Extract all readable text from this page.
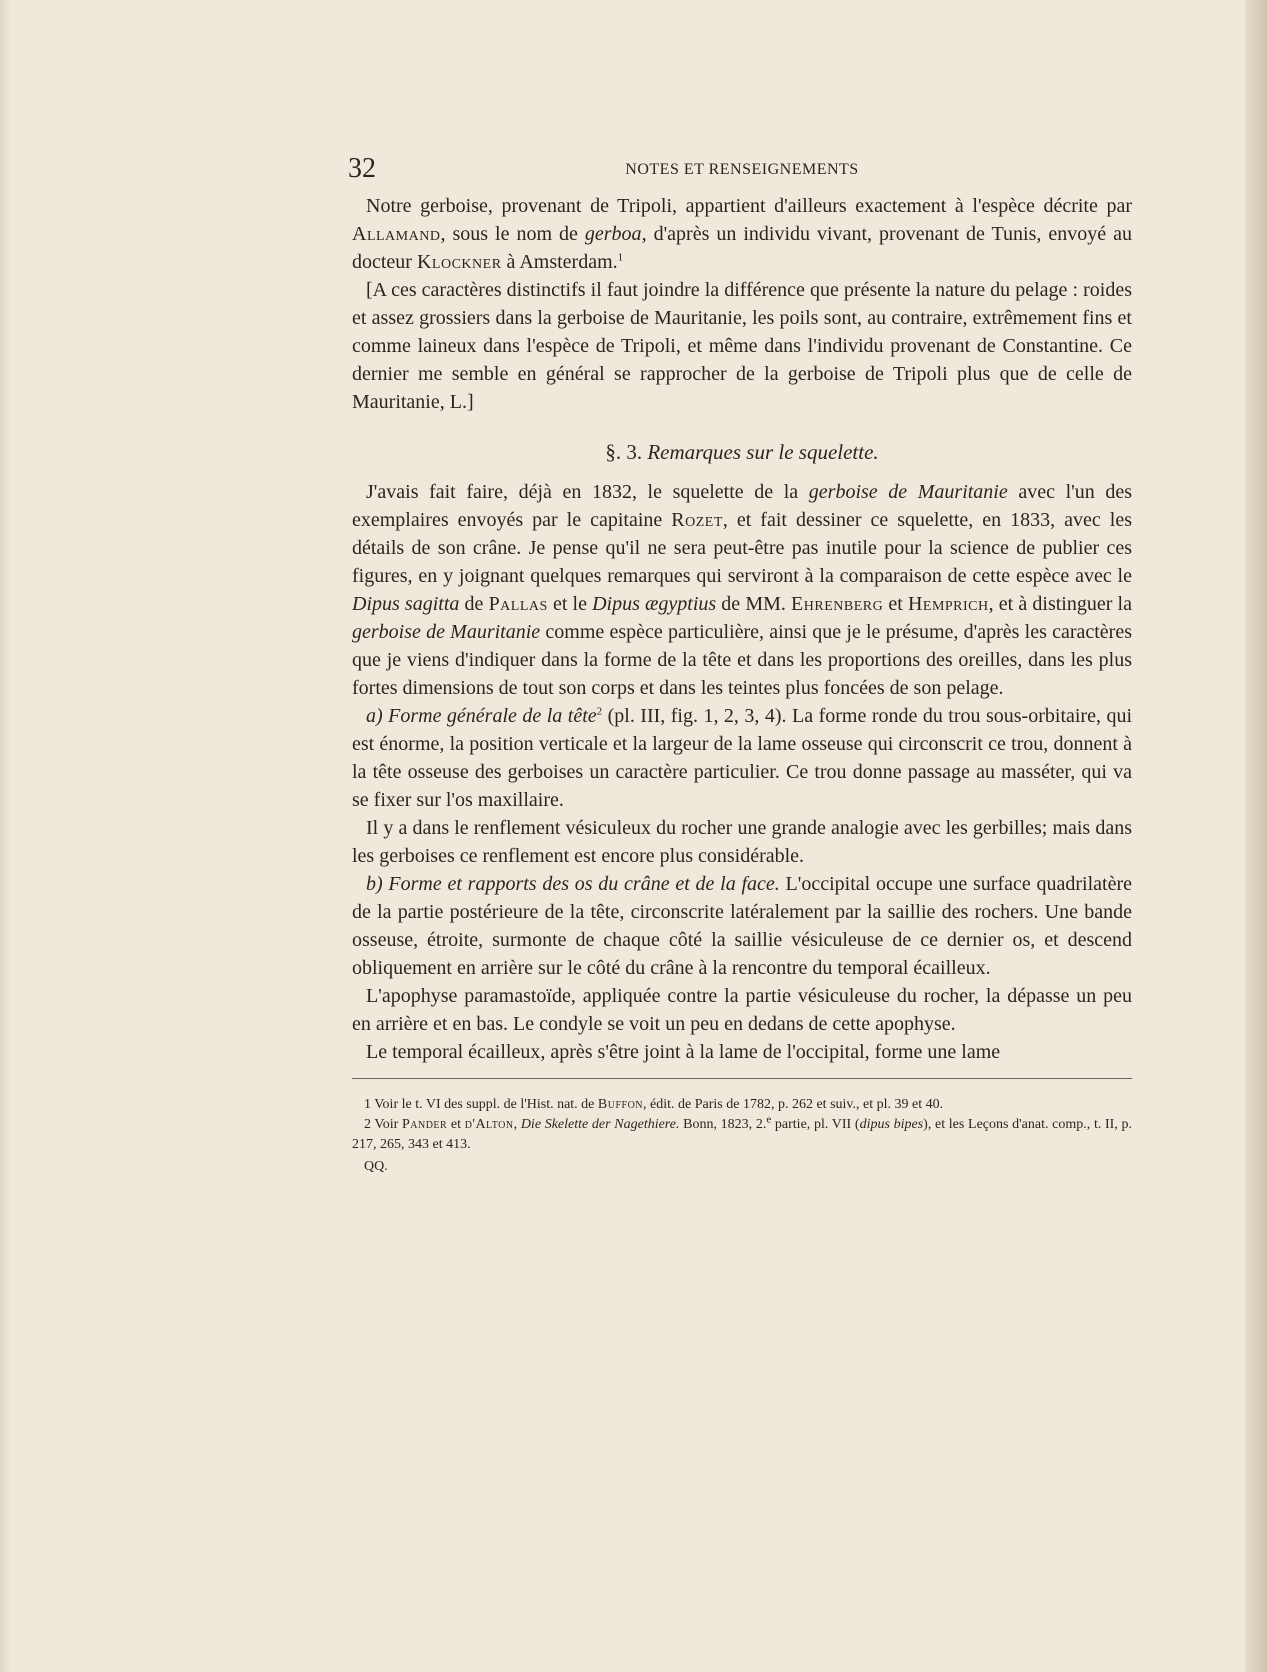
32	NOTES ET RENSEIGNEMENTS

Notre gerboise, provenant de Tripoli, appartient d'ailleurs exactement à l'espèce décrite par Allamand, sous le nom de gerboa, d'après un individu vivant, provenant de Tunis, envoyé au docteur Klockner à Amsterdam.$^1$

[A ces caractères distinctifs il faut joindre la différence que présente la nature du pelage : roides et assez grossiers dans la gerboise de Mauritanie, les poils sont, au contraire, extrêmement fins et comme laineux dans l'espèce de Tripoli, et même dans l'individu provenant de Constantine. Ce dernier me semble en général se rapprocher de la gerboise de Tripoli plus que de celle de Mauritanie, L.]

§. 3. Remarques sur le squelette.

J'avais fait faire, déjà en 1832, le squelette de la gerboise de Mauritanie avec l'un des exemplaires envoyés par le capitaine Rozet, et fait dessiner ce squelette, en 1833, avec les détails de son crâne. Je pense qu'il ne sera peut-être pas inutile pour la science de publier ces figures, en y joignant quelques remarques qui serviront à la comparaison de cette espèce avec le Dipus sagitta de Pallas et le Dipus ægyptius de MM. Ehrenberg et Hemprich, et à distinguer la gerboise de Mauritanie comme espèce particulière, ainsi que je le présume, d'après les caractères que je viens d'indiquer dans la forme de la tête et dans les proportions des oreilles, dans les plus fortes dimensions de tout son corps et dans les teintes plus foncées de son pelage.

a) Forme générale de la tête$^2$ (pl. III, fig. 1, 2, 3, 4). La forme ronde du trou sous-orbitaire, qui est énorme, la position verticale et la largeur de la lame osseuse qui circonscrit ce trou, donnent à la tête osseuse des gerboises un caractère particulier. Ce trou donne passage au masséter, qui va se fixer sur l'os maxillaire.

Il y a dans le renflement vésiculeux du rocher une grande analogie avec les gerbilles; mais dans les gerboises ce renflement est encore plus considérable.

b) Forme et rapports des os du crâne et de la face. L'occipital occupe une surface quadrilatère de la partie postérieure de la tête, circonscrite latéralement par la saillie des rochers. Une bande osseuse, étroite, surmonte de chaque côté la saillie vésiculeuse de ce dernier os, et descend obliquement en arrière sur le côté du crâne à la rencontre du temporal écailleux.

L'apophyse paramastoïde, appliquée contre la partie vésiculeuse du rocher, la dépasse un peu en arrière et en bas. Le condyle se voit un peu en dedans de cette apophyse.

Le temporal écailleux, après s'être joint à la lame de l'occipital, forme une lame

1 Voir le t. VI des suppl. de l'Hist. nat. de Buffon, édit. de Paris de 1782, p. 262 et suiv., et pl. 39 et 40.

2 Voir Pander et d'Alton, Die Skelette der Nagethiere. Bonn, 1823, 2.$^e$ partie, pl. VII (dipus bipes), et les Leçons d'anat. comp., t. II, p. 217, 265, 343 et 413.

QQ.
